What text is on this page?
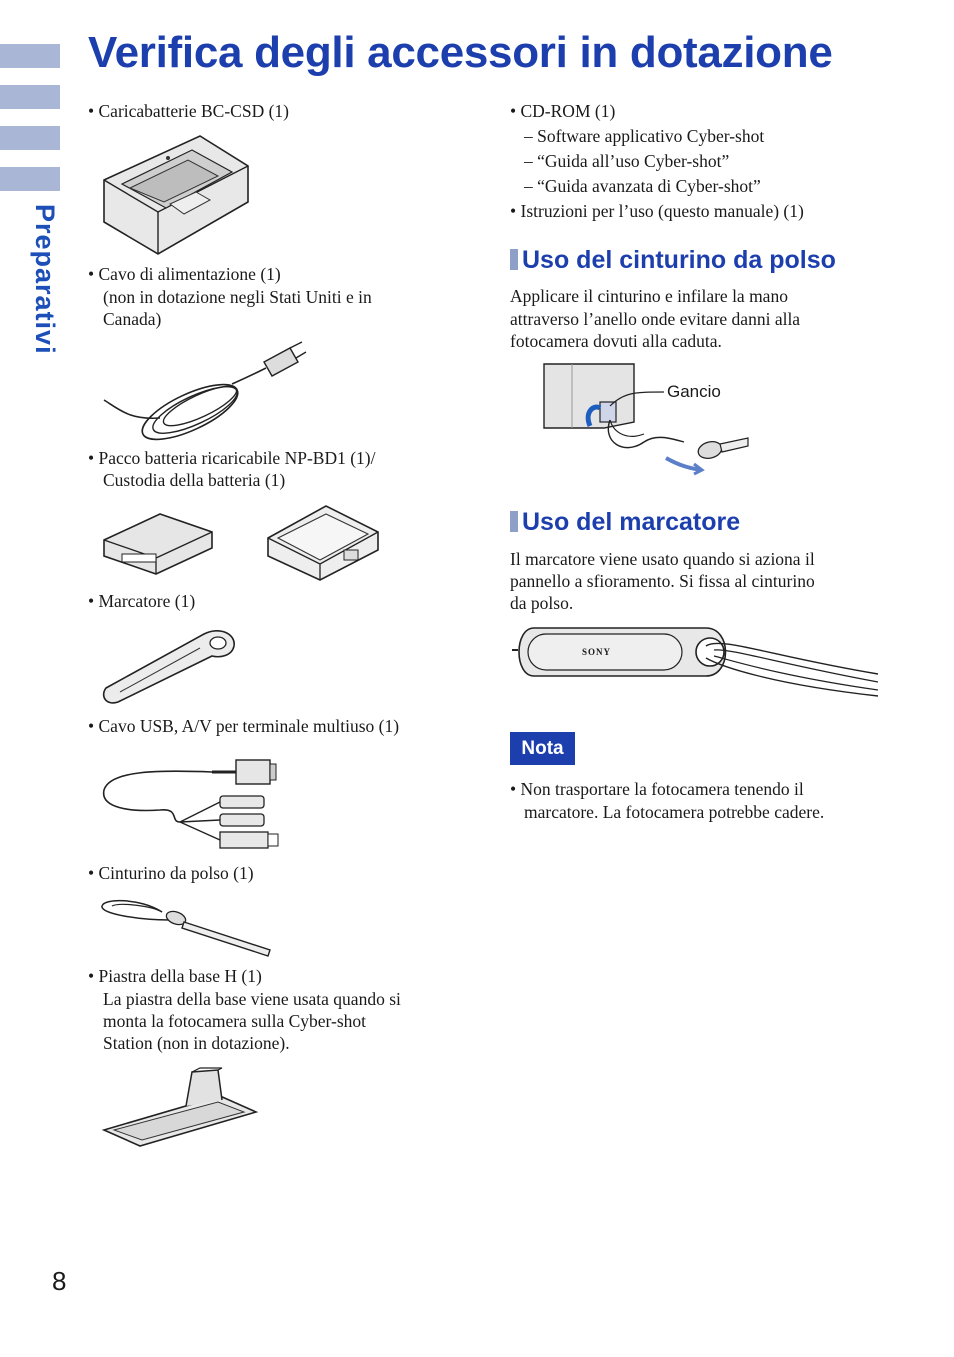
Preparativi
Verifica degli accessori in dotazione
• Caricabatterie BC-CSD (1)
• Cavo di alimentazione (1)
(non in dotazione negli Stati Uniti e in
Canada)
• Pacco batteria ricaricabile NP-BD1 (1)/
Custodia della batteria (1)
• Marcatore (1)
• Cavo USB, A/V per terminale multiuso (1)
• Cinturino da polso (1)
• Piastra della base H (1)
La piastra della base viene usata quando si
monta la fotocamera sulla Cyber-shot
Station (non in dotazione).
• CD-ROM (1)
– Software applicativo Cyber-shot
– “Guida all’uso Cyber-shot”
– “Guida avanzata di Cyber-shot”
• Istruzioni per l’uso (questo manuale) (1)
Uso del cinturino da polso
Applicare il cinturino e infilare la mano
attraverso l’anello onde evitare danni alla
fotocamera dovuti alla caduta.
Gancio
Uso del marcatore
Il marcatore viene usato quando si aziona il
pannello a sfioramento. Si fissa al cinturino
da polso.
SONY
Nota
• Non trasportare la fotocamera tenendo il
marcatore. La fotocamera potrebbe cadere.
8
